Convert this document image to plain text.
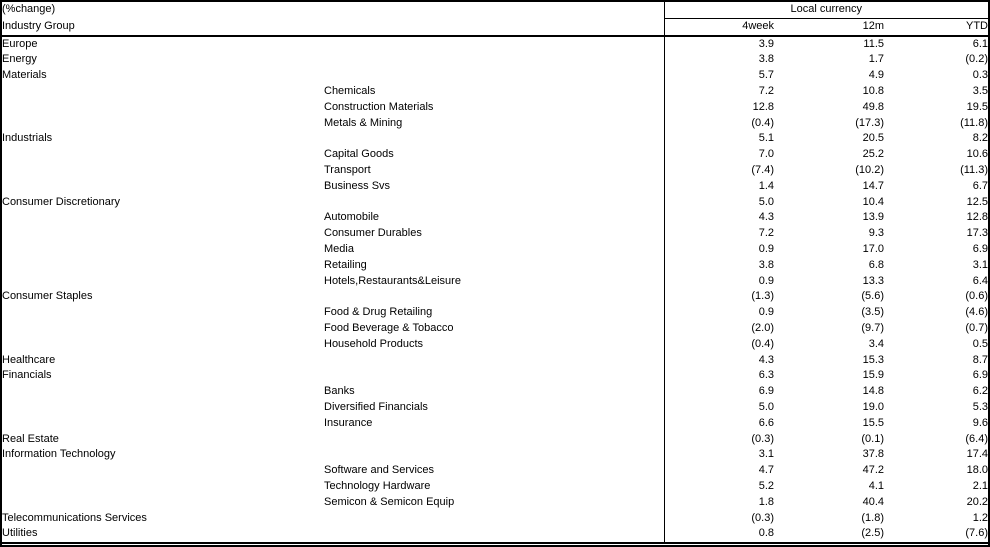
(%change)		Local currency		
Industry Group		4week	12m	YTD
Europe		3.9	11.5	6.1
Energy		3.8	1.7	(0.2)
Materials		5.7	4.9	0.3
	Chemicals	7.2	10.8	3.5
	Construction Materials	12.8	49.8	19.5
	Metals & Mining	(0.4)	(17.3)	(11.8)
Industrials		5.1	20.5	8.2
	Capital Goods	7.0	25.2	10.6
	Transport	(7.4)	(10.2)	(11.3)
	Business Svs	1.4	14.7	6.7
Consumer Discretionary		5.0	10.4	12.5
	Automobile	4.3	13.9	12.8
	Consumer Durables	7.2	9.3	17.3
	Media	0.9	17.0	6.9
	Retailing	3.8	6.8	3.1
	Hotels,Restaurants&Leisure	0.9	13.3	6.4
Consumer Staples		(1.3)	(5.6)	(0.6)
	Food & Drug Retailing	0.9	(3.5)	(4.6)
	Food Beverage & Tobacco	(2.0)	(9.7)	(0.7)
	Household Products	(0.4)	3.4	0.5
Healthcare		4.3	15.3	8.7
Financials		6.3	15.9	6.9
	Banks	6.9	14.8	6.2
	Diversified Financials	5.0	19.0	5.3
	Insurance	6.6	15.5	9.6
Real Estate		(0.3)	(0.1)	(6.4)
Information Technology		3.1	37.8	17.4
	Software and Services	4.7	47.2	18.0
	Technology Hardware	5.2	4.1	2.1
	Semicon & Semicon Equip	1.8	40.4	20.2
Telecommunications Services		(0.3)	(1.8)	1.2
Utilities		0.8	(2.5)	(7.6)
